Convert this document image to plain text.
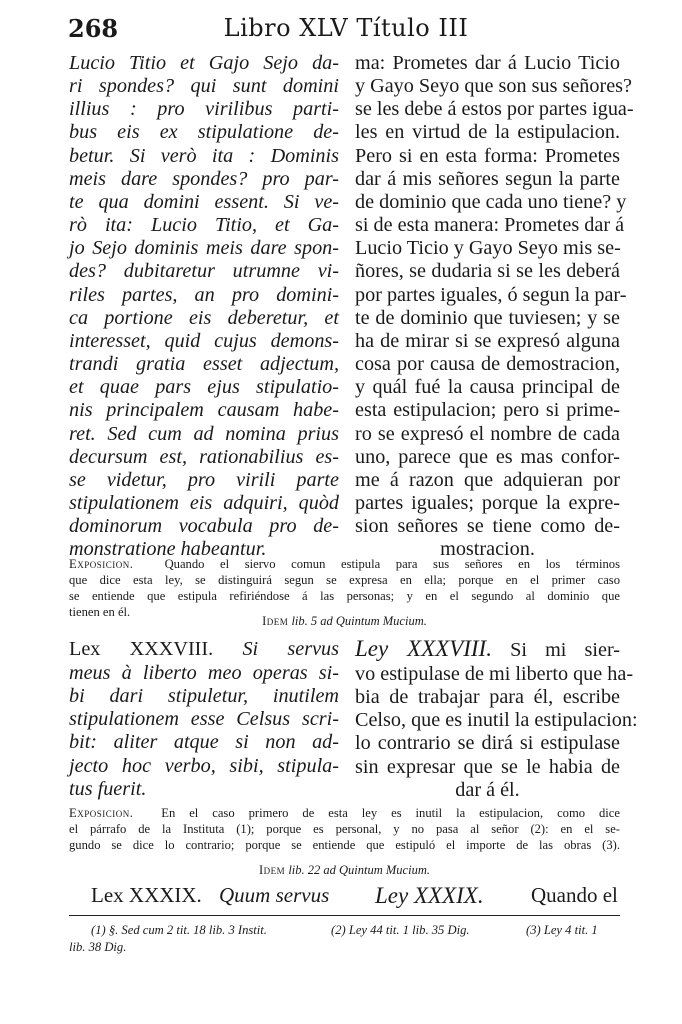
268	Libro XLV Título III
Lucio Titio et Gajo Sejo da-
ri spondes? qui sunt domini
illius : pro virilibus parti-
bus eis ex stipulatione de-
betur. Si verò ita : Dominis
meis dare spondes? pro par-
te qua domini essent. Si ve-
rò ita: Lucio Titio, et Ga-
jo Sejo dominis meis dare spon-
des? dubitaretur utrumne vi-
riles partes, an pro domini-
ca portione eis deberetur, et
interesset, quid cujus demons-
trandi gratia esset adjectum,
et quae pars ejus stipulatio-
nis principalem causam habe-
ret. Sed cum ad nomina prius
decursum est, rationabilius es-
se videtur, pro virili parte
stipulationem eis adquiri, quòd
dominorum vocabula pro de-
monstratione habeantur.
ma: Prometes dar á Lucio Ticio
y Gayo Seyo que son sus señores?
se les debe á estos por partes igua-
les en virtud de la estipulacion.
Pero si en esta forma: Prometes
dar á mis señores segun la parte
de dominio que cada uno tiene? y
si de esta manera: Prometes dar á
Lucio Ticio y Gayo Seyo mis se-
ñores, se dudaria si se les deberá
por partes iguales, ó segun la par-
te de dominio que tuviesen; y se
ha de mirar si se expresó alguna
cosa por causa de demostracion,
y quál fué la causa principal de
esta estipulacion; pero si prime-
ro se expresó el nombre de cada
uno, parece que es mas confor-
me á razon que adquieran por
partes iguales; porque la expre-
sion señores se tiene como de-
mostracion.
Exposicion. Quando el siervo comun estipula para sus señores en los términos
que dice esta ley, se distinguirá segun se expresa en ella; porque en el primer caso
se entiende que estipula refiriéndose á las personas; y en el segundo al dominio que
tienen en él.
Idem lib. 5 ad Quintum Mucium.
Lex XXXVIII. Si servus
meus à liberto meo operas si-
bi dari stipuletur, inutilem
stipulationem esse Celsus scri-
bit: aliter atque si non ad-
jecto hoc verbo, sibi, stipula-
tus fuerit.
Ley XXXVIII. Si mi sier-
vo estipulase de mi liberto que ha-
bia de trabajar para él, escribe
Celso, que es inutil la estipulacion:
lo contrario se dirá si estipulase
sin expresar que se le habia de
dar á él.
Exposicion. En el caso primero de esta ley es inutil la estipulacion, como dice
el párrafo de la Instituta (1); porque es personal, y no pasa al señor (2): en el se-
gundo se dice lo contrario; porque se entiende que estipuló el importe de las obras (3).
Idem lib. 22 ad Quintum Mucium.
Lex XXXIX. Quum servus Ley XXXIX. Quando el
(1) §. Sed cum 2 tit. 18 lib. 3 Instit.	(2) Ley 44 tit. 1 lib. 35 Dig.	(3) Ley 4 tit. 1
lib. 38 Dig.
